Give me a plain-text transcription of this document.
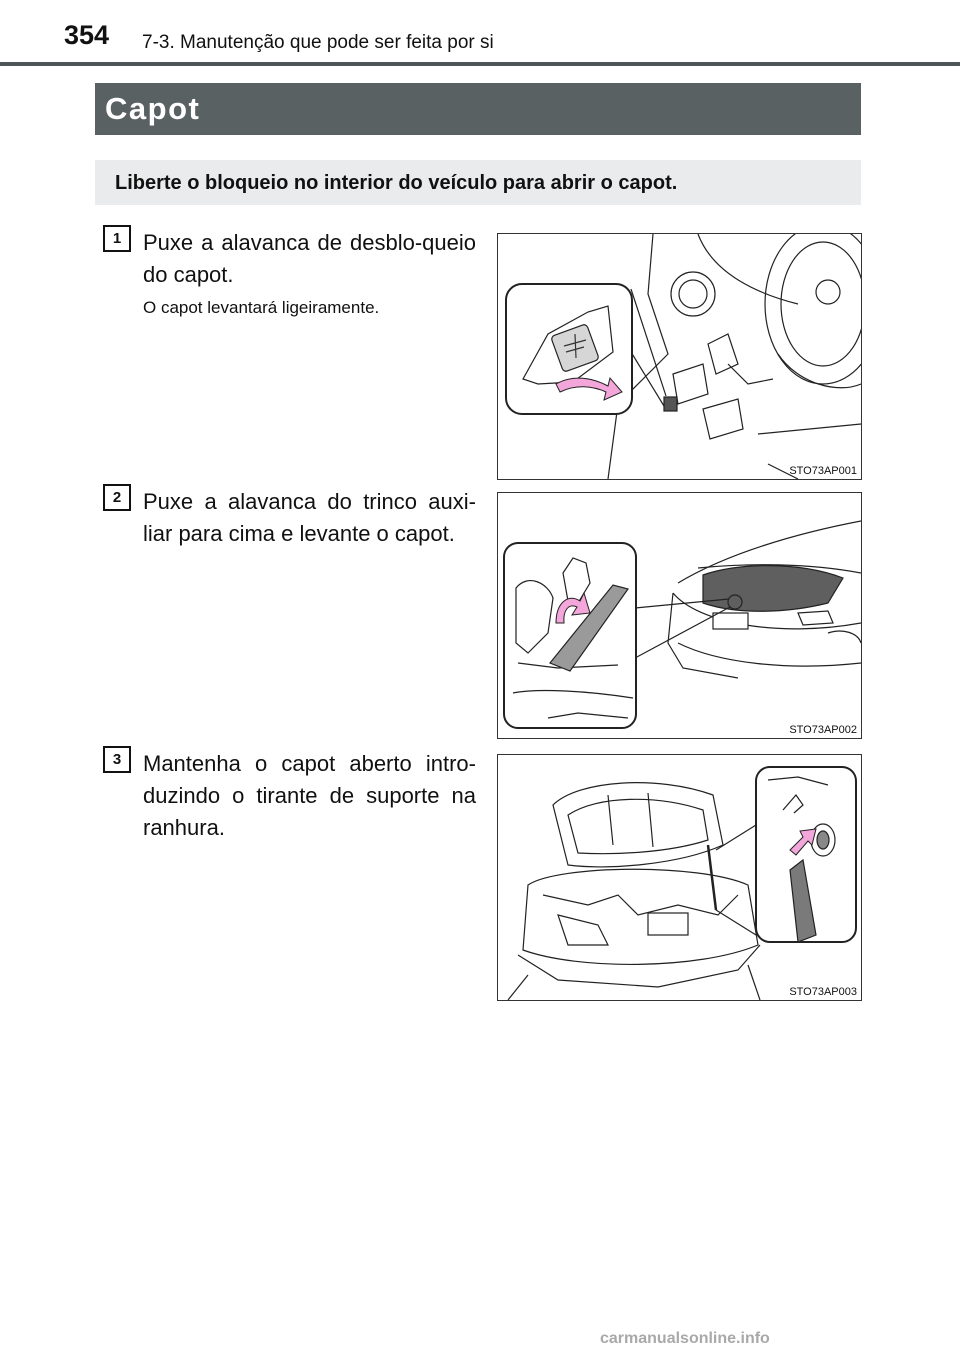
354 7-3. Manutenção que pode ser feita por si
Capot
Liberte o bloqueio no interior do veículo para abrir o capot.
1 Puxe a alavanca de desblo-queio do capot.
O capot levantará ligeiramente.
STO73AP001
2 Puxe a alavanca do trinco auxi-liar para cima e levante o capot.
STO73AP002
3 Mantenha o capot aberto intro-duzindo o tirante de suporte na ranhura.
STO73AP003
carmanualsonline.info
